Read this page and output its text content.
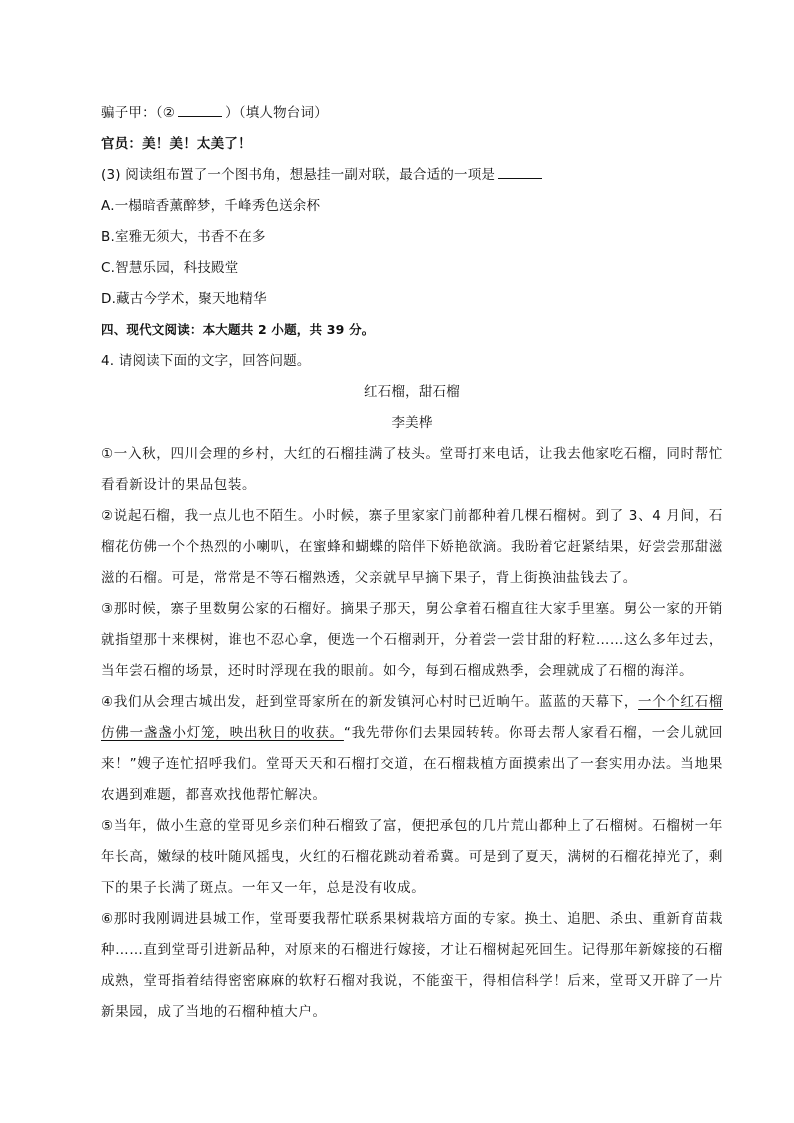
骗子甲：（②	）（填人物台词）
官员：美！美！太美了！
(3) 阅读组布置了一个图书角，想悬挂一副对联，最合适的一项是
A.一榻暗香薰醉梦，千峰秀色送余杯
B.室雅无须大，书香不在多
C.智慧乐园，科技殿堂
D.藏古今学术，聚天地精华
四、现代文阅读：本大题共 2 小题，共 39 分。
4. 请阅读下面的文字，回答问题。
红石榴，甜石榴
李美桦
①一入秋，四川会理的乡村，大红的石榴挂满了枝头。堂哥打来电话，让我去他家吃石榴，同时帮忙看看新设计的果品包装。
②说起石榴，我一点儿也不陌生。小时候，寨子里家家门前都种着几棵石榴树。到了 3、4 月间，石榴花仿佛一个个热烈的小喇叭，在蜜蜂和蝴蝶的陪伴下娇艳欲滴。我盼着它赶紧结果，好尝尝那甜滋滋的石榴。可是，常常是不等石榴熟透，父亲就早早摘下果子，背上街换油盐钱去了。
③那时候，寨子里数舅公家的石榴好。摘果子那天，舅公拿着石榴直往大家手里塞。舅公一家的开销就指望那十来棵树，谁也不忍心拿，便选一个石榴剥开，分着尝一尝甘甜的籽粒……这么多年过去，当年尝石榴的场景，还时时浮现在我的眼前。如今，每到石榴成熟季，会理就成了石榴的海洋。
④我们从会理古城出发，赶到堂哥家所在的新发镇河心村时已近晌午。蓝蓝的天幕下，一个个红石榴仿佛一盏盏小灯笼，映出秋日的收获。“我先带你们去果园转转。你哥去帮人家看石榴，一会儿就回来！”嫂子连忙招呼我们。堂哥天天和石榴打交道，在石榴栽植方面摸索出了一套实用办法。当地果农遇到难题，都喜欢找他帮忙解决。
⑤当年，做小生意的堂哥见乡亲们种石榴致了富，便把承包的几片荒山都种上了石榴树。石榴树一年年长高，嫩绿的枝叶随风摇曳，火红的石榴花跳动着希冀。可是到了夏天，满树的石榴花掉光了，剩下的果子长满了斑点。一年又一年，总是没有收成。
⑥那时我刚调进县城工作，堂哥要我帮忙联系果树栽培方面的专家。换土、追肥、杀虫、重新育苗栽种……直到堂哥引进新品种，对原来的石榴进行嫁接，才让石榴树起死回生。记得那年新嫁接的石榴成熟，堂哥指着结得密密麻麻的软籽石榴对我说，不能蛮干，得相信科学！后来，堂哥又开辟了一片新果园，成了当地的石榴种植大户。
